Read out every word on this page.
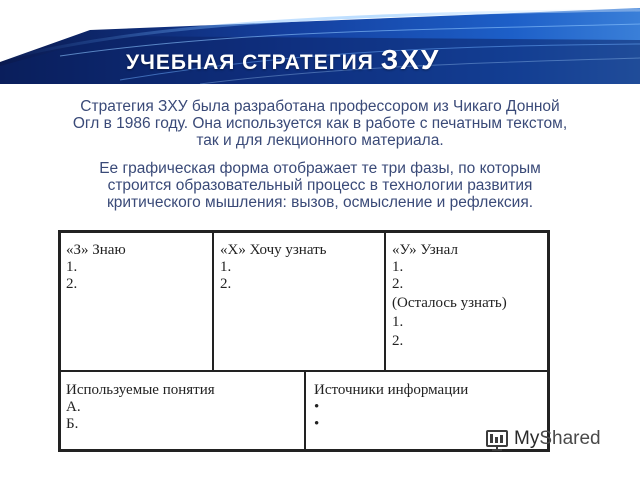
УЧЕБНАЯ СТРАТЕГИЯ ЗХУ

Стратегия ЗХУ была разработана профессором из Чикаго Донной
Огл в 1986 году. Она используется как в работе с печатным текстом,
так и для лекционного материала.

Ее графическая форма отображает те три фазы, по которым
строится образовательный процесс в технологии развития
критического мышления: вызов, осмысление и рефлексия.

«З» Знаю
1.
2.
«Х» Хочу узнать
1.
2.
«У» Узнал
1.
2.
(Осталось узнать)
1.
2.
Используемые понятия
А.
Б.
Источники информации
•
•
MyShared
